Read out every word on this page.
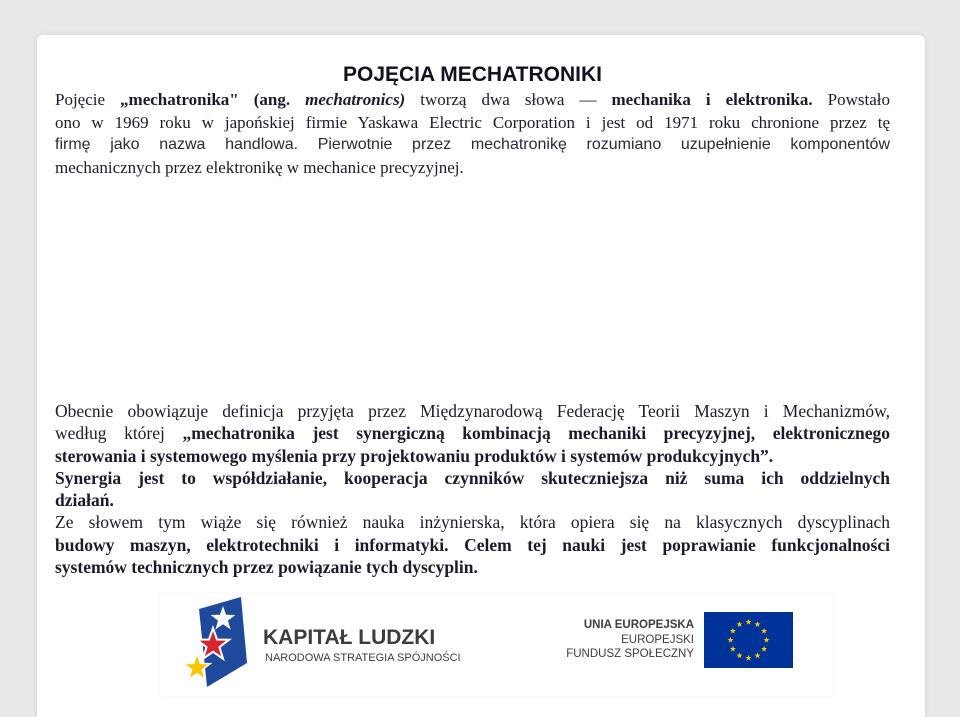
POJĘCIA MECHATRONIKI
Pojęcie „mechatronika" (ang. mechatronics) tworzą dwa słowa — mechanika i elektronika. Powstało
ono w 1969 roku w japońskiej firmie Yaskawa Electric Corporation i jest od 1971 roku chronione przez tę
firmę jako nazwa handlowa. Pierwotnie przez mechatronikę rozumiano uzupełnienie komponentów
mechanicznych przez elektronikę w mechanice precyzyjnej.
Obecnie obowiązuje definicja przyjęta przez Międzynarodową Federację Teorii Maszyn i Mechanizmów,
według której „mechatronika jest synergiczną kombinacją mechaniki precyzyjnej, elektronicznego
sterowania i systemowego myślenia przy projektowaniu produktów i systemów produkcyjnych”.
Synergia jest to współdziałanie, kooperacja czynników skuteczniejsza niż suma ich oddzielnych
działań.
Ze słowem tym wiąże się również nauka inżynierska, która opiera się na klasycznych dyscyplinach
budowy maszyn, elektrotechniki i informatyki. Celem tej nauki jest poprawianie funkcjonalności
systemów technicznych przez powiązanie tych dyscyplin.
KAPITAŁ LUDZKI
NARODOWA STRATEGIA SPÓJNOŚCI
UNIA EUROPEJSKA
EUROPEJSKI
FUNDUSZ SPOŁECZNY
